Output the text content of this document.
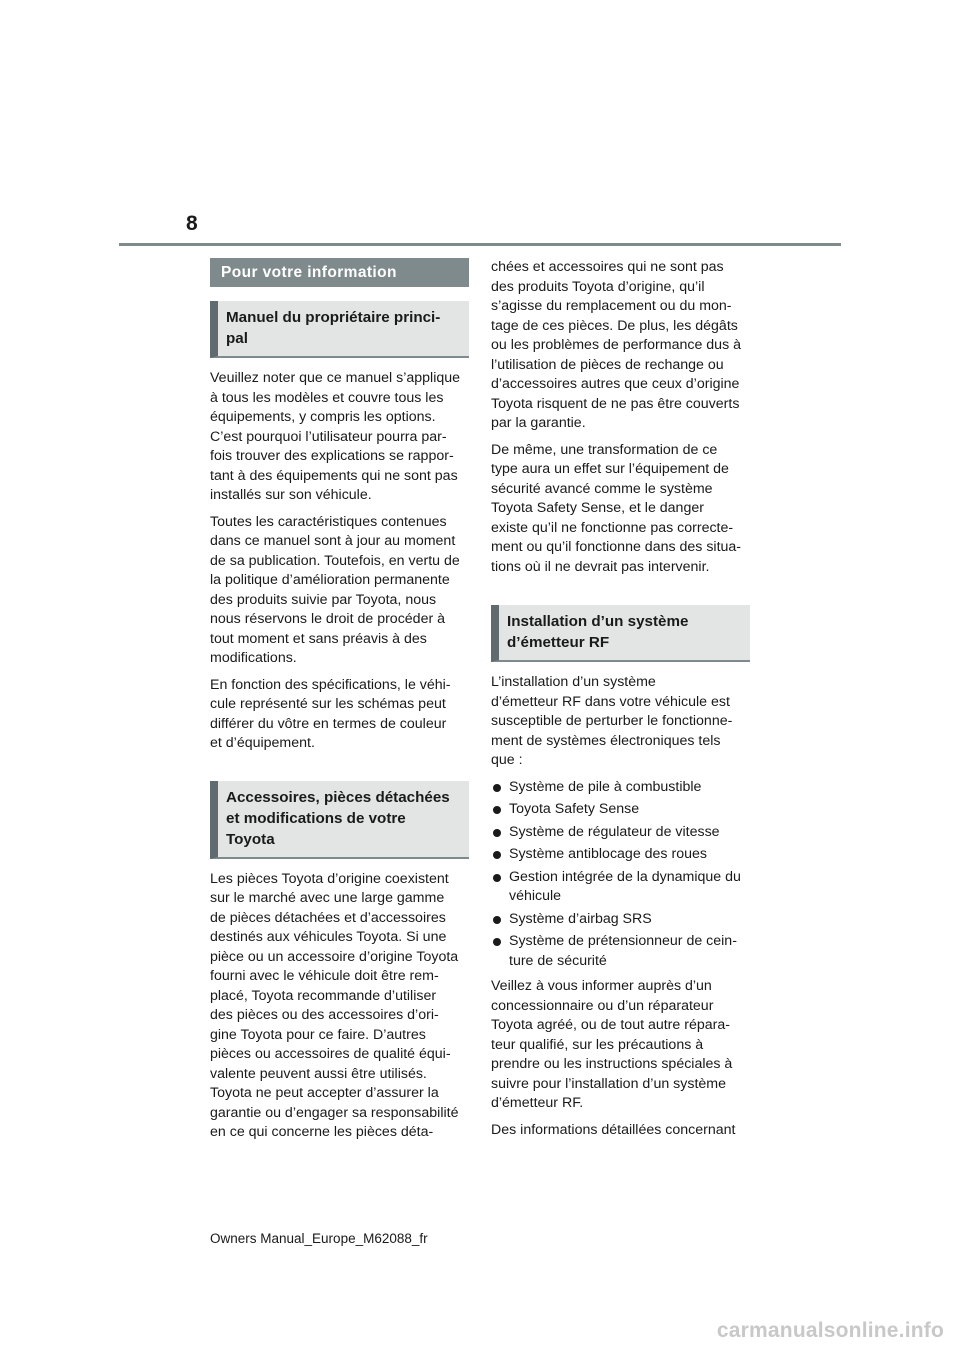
8
Pour votre information
Manuel du propriétaire princi-
pal

Veuillez noter que ce manuel s’applique
à tous les modèles et couvre tous les
équipements, y compris les options.
C’est pourquoi l’utilisateur pourra par-
fois trouver des explications se rappor-
tant à des équipements qui ne sont pas
installés sur son véhicule.

Toutes les caractéristiques contenues
dans ce manuel sont à jour au moment
de sa publication. Toutefois, en vertu de
la politique d’amélioration permanente
des produits suivie par Toyota, nous
nous réservons le droit de procéder à
tout moment et sans préavis à des
modifications.

En fonction des spécifications, le véhi-
cule représenté sur les schémas peut
différer du vôtre en termes de couleur
et d’équipement.

Accessoires, pièces détachées
et modifications de votre
Toyota

Les pièces Toyota d’origine coexistent
sur le marché avec une large gamme
de pièces détachées et d’accessoires
destinés aux véhicules Toyota. Si une
pièce ou un accessoire d’origine Toyota
fourni avec le véhicule doit être rem-
placé, Toyota recommande d’utiliser
des pièces ou des accessoires d’ori-
gine Toyota pour ce faire. D’autres
pièces ou accessoires de qualité équi-
valente peuvent aussi être utilisés.
Toyota ne peut accepter d’assurer la
garantie ou d’engager sa responsabilité
en ce qui concerne les pièces déta-

chées et accessoires qui ne sont pas
des produits Toyota d’origine, qu’il
s’agisse du remplacement ou du mon-
tage de ces pièces. De plus, les dégâts
ou les problèmes de performance dus à
l’utilisation de pièces de rechange ou
d’accessoires autres que ceux d’origine
Toyota risquent de ne pas être couverts
par la garantie.

De même, une transformation de ce
type aura un effet sur l’équipement de
sécurité avancé comme le système
Toyota Safety Sense, et le danger
existe qu’il ne fonctionne pas correcte-
ment ou qu’il fonctionne dans des situa-
tions où il ne devrait pas intervenir.

Installation d’un système
d’émetteur RF

L’installation d’un système
d’émetteur RF dans votre véhicule est
susceptible de perturber le fonctionne-
ment de systèmes électroniques tels
que :

Système de pile à combustible
Toyota Safety Sense
Système de régulateur de vitesse
Système antiblocage des roues
Gestion intégrée de la dynamique du
véhicule
Système d’airbag SRS
Système de prétensionneur de cein-
ture de sécurité

Veillez à vous informer auprès d’un
concessionnaire ou d’un réparateur
Toyota agréé, ou de tout autre répara-
teur qualifié, sur les précautions à
prendre ou les instructions spéciales à
suivre pour l’installation d’un système
d’émetteur RF.

Des informations détaillées concernant

Owners Manual_Europe_M62088_fr
carmanualsonline.info
